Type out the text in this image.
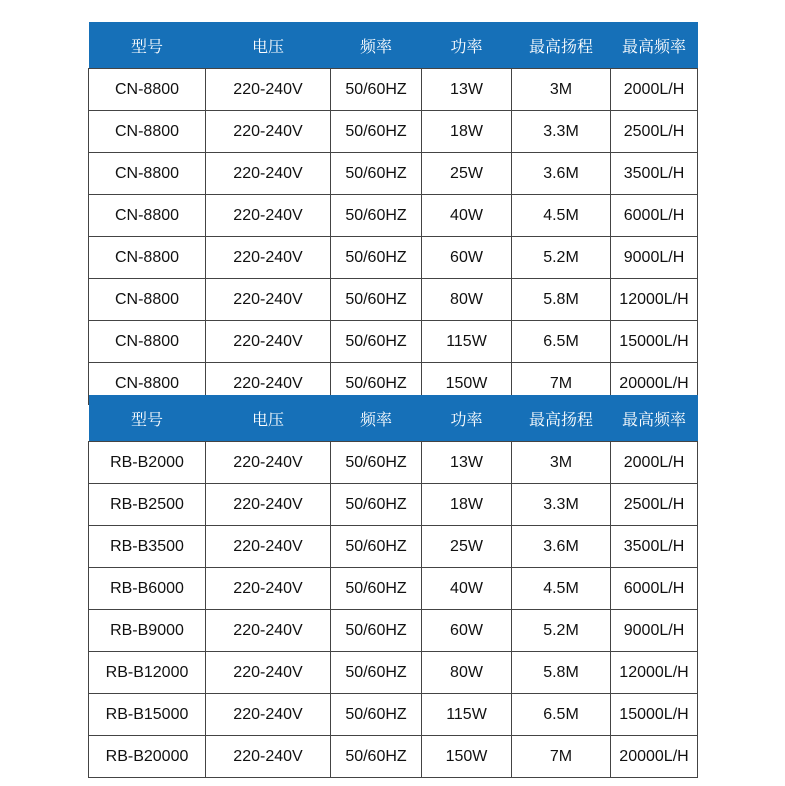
型号	电压	频率	功率	最高扬程	最高频率
CN-8800	220-240V	50/60HZ	13W	3M	2000L/H
CN-8800	220-240V	50/60HZ	18W	3.3M	2500L/H
CN-8800	220-240V	50/60HZ	25W	3.6M	3500L/H
CN-8800	220-240V	50/60HZ	40W	4.5M	6000L/H
CN-8800	220-240V	50/60HZ	60W	5.2M	9000L/H
CN-8800	220-240V	50/60HZ	80W	5.8M	12000L/H
CN-8800	220-240V	50/60HZ	115W	6.5M	15000L/H
CN-8800	220-240V	50/60HZ	150W	7M	20000L/H
型号	电压	频率	功率	最高扬程	最高频率
RB-B2000	220-240V	50/60HZ	13W	3M	2000L/H
RB-B2500	220-240V	50/60HZ	18W	3.3M	2500L/H
RB-B3500	220-240V	50/60HZ	25W	3.6M	3500L/H
RB-B6000	220-240V	50/60HZ	40W	4.5M	6000L/H
RB-B9000	220-240V	50/60HZ	60W	5.2M	9000L/H
RB-B12000	220-240V	50/60HZ	80W	5.8M	12000L/H
RB-B15000	220-240V	50/60HZ	115W	6.5M	15000L/H
RB-B20000	220-240V	50/60HZ	150W	7M	20000L/H
